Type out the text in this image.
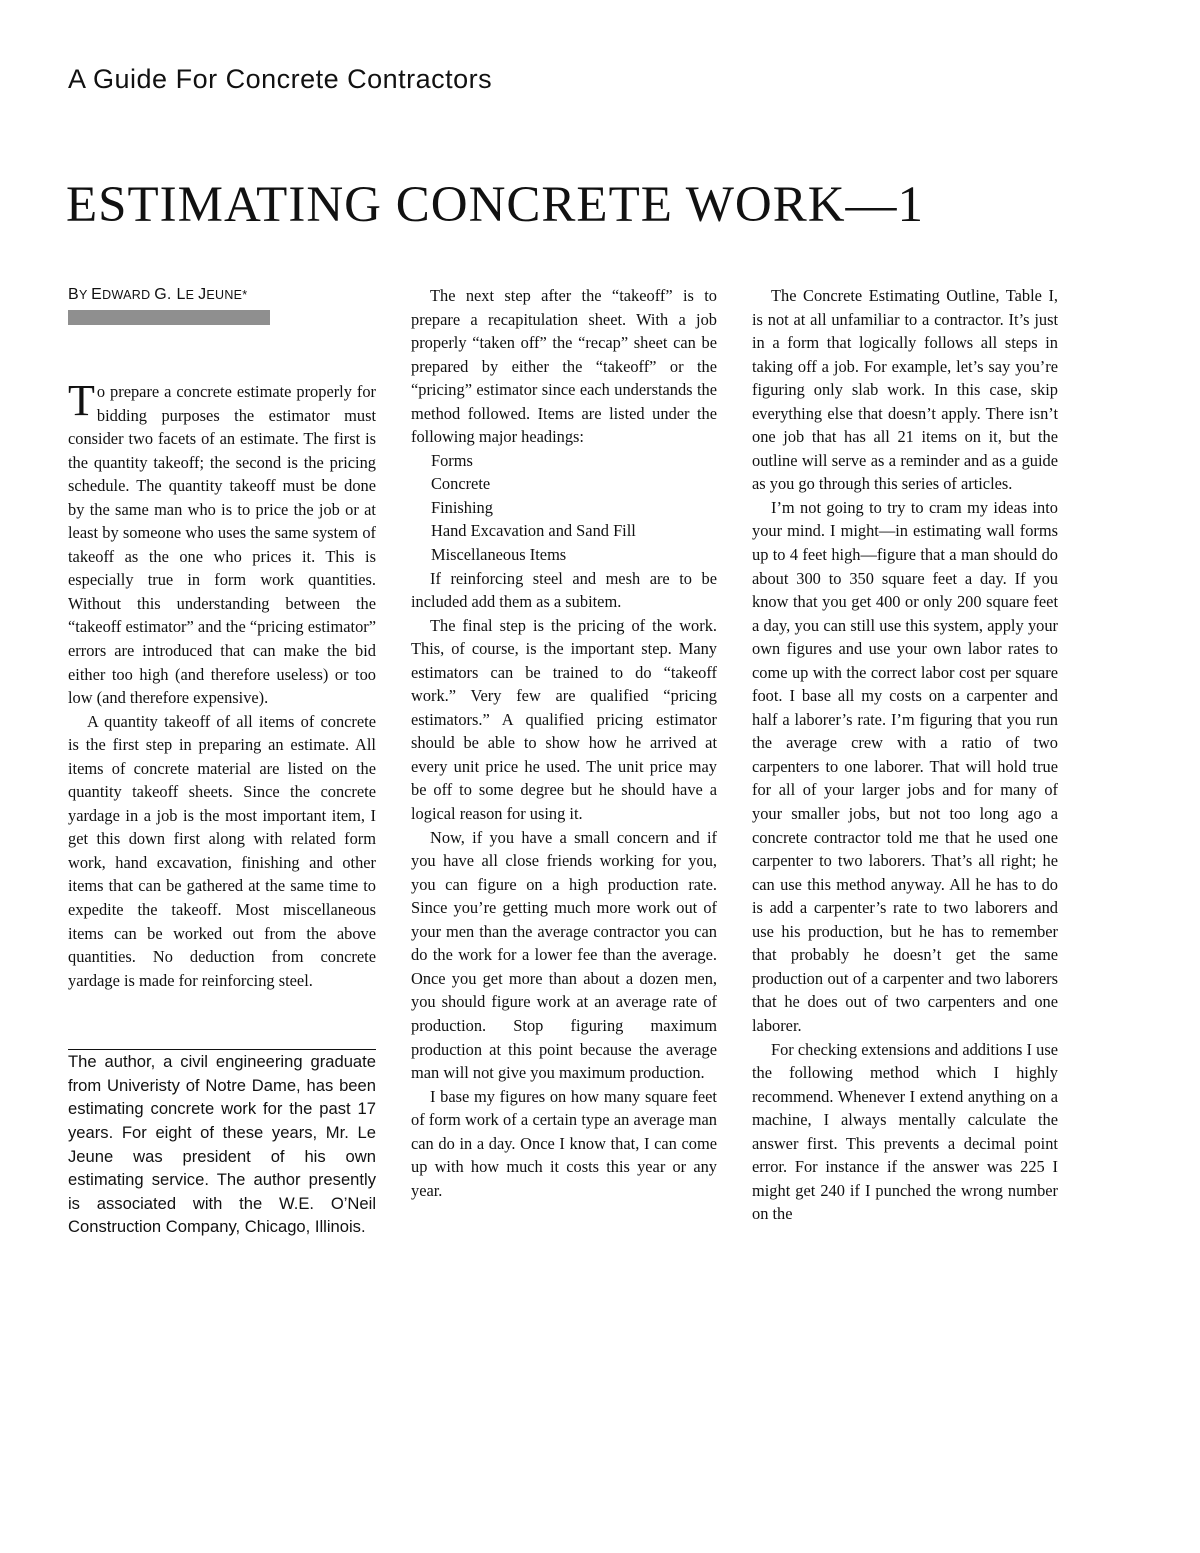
A Guide For Concrete Contractors
ESTIMATING CONCRETE WORK—1
BY EDWARD G. LE JEUNE*

To prepare a concrete estimate properly for bidding purposes the estimator must consider two facets of an estimate. The first is the quantity takeoff; the second is the pricing schedule. The quantity takeoff must be done by the same man who is to price the job or at least by someone who uses the same system of takeoff as the one who prices it. This is especially true in form work quantities. Without this understanding between the “takeoff estimator” and the “pricing estimator” errors are introduced that can make the bid either too high (and therefore useless) or too low (and therefore expensive).

A quantity takeoff of all items of concrete is the first step in preparing an estimate. All items of concrete material are listed on the quantity takeoff sheets. Since the concrete yardage in a job is the most important item, I get this down first along with related form work, hand excavation, finishing and other items that can be gathered at the same time to expedite the takeoff. Most miscellaneous items can be worked out from the above quantities. No deduction from concrete yardage is made for reinforcing steel.

The author, a civil engineering graduate from Univeristy of Notre Dame, has been estimating concrete work for the past 17 years. For eight of these years, Mr. Le Jeune was president of his own estimating service. The author presently is associated with the W.E. O’Neil Construction Company, Chicago, Illinois.

The next step after the “takeoff” is to prepare a recapitulation sheet. With a job properly “taken off” the “recap” sheet can be prepared by either the “takeoff” or the “pricing” estimator since each understands the method followed. Items are listed under the following major headings:

Forms
Concrete
Finishing
Hand Excavation and Sand Fill
Miscellaneous Items

If reinforcing steel and mesh are to be included add them as a subitem.

The final step is the pricing of the work. This, of course, is the important step. Many estimators can be trained to do “takeoff work.” Very few are qualified “pricing estimators.” A qualified pricing estimator should be able to show how he arrived at every unit price he used. The unit price may be off to some degree but he should have a logical reason for using it.

Now, if you have a small concern and if you have all close friends working for you, you can figure on a high production rate. Since you’re getting much more work out of your men than the average contractor you can do the work for a lower fee than the average. Once you get more than about a dozen men, you should figure work at an average rate of production. Stop figuring maximum production at this point because the average man will not give you maximum production.

I base my figures on how many square feet of form work of a certain type an average man can do in a day. Once I know that, I can come up with how much it costs this year or any year.

The Concrete Estimating Outline, Table I, is not at all unfamiliar to a contractor. It’s just in a form that logically follows all steps in taking off a job. For example, let’s say you’re figuring only slab work. In this case, skip everything else that doesn’t apply. There isn’t one job that has all 21 items on it, but the outline will serve as a reminder and as a guide as you go through this series of articles.

I’m not going to try to cram my ideas into your mind. I might—in estimating wall forms up to 4 feet high—figure that a man should do about 300 to 350 square feet a day. If you know that you get 400 or only 200 square feet a day, you can still use this system, apply your own figures and use your own labor rates to come up with the correct labor cost per square foot. I base all my costs on a carpenter and half a laborer’s rate. I’m figuring that you run the average crew with a ratio of two carpenters to one laborer. That will hold true for all of your larger jobs and for many of your smaller jobs, but not too long ago a concrete contractor told me that he used one carpenter to two laborers. That’s all right; he can use this method anyway. All he has to do is add a carpenter’s rate to two laborers and use his production, but he has to remember that probably he doesn’t get the same production out of a carpenter and two laborers that he does out of two carpenters and one laborer.

For checking extensions and additions I use the following method which I highly recommend. Whenever I extend anything on a machine, I always mentally calculate the answer first. This prevents a decimal point error. For instance if the answer was 225 I might get 240 if I punched the wrong number on the
